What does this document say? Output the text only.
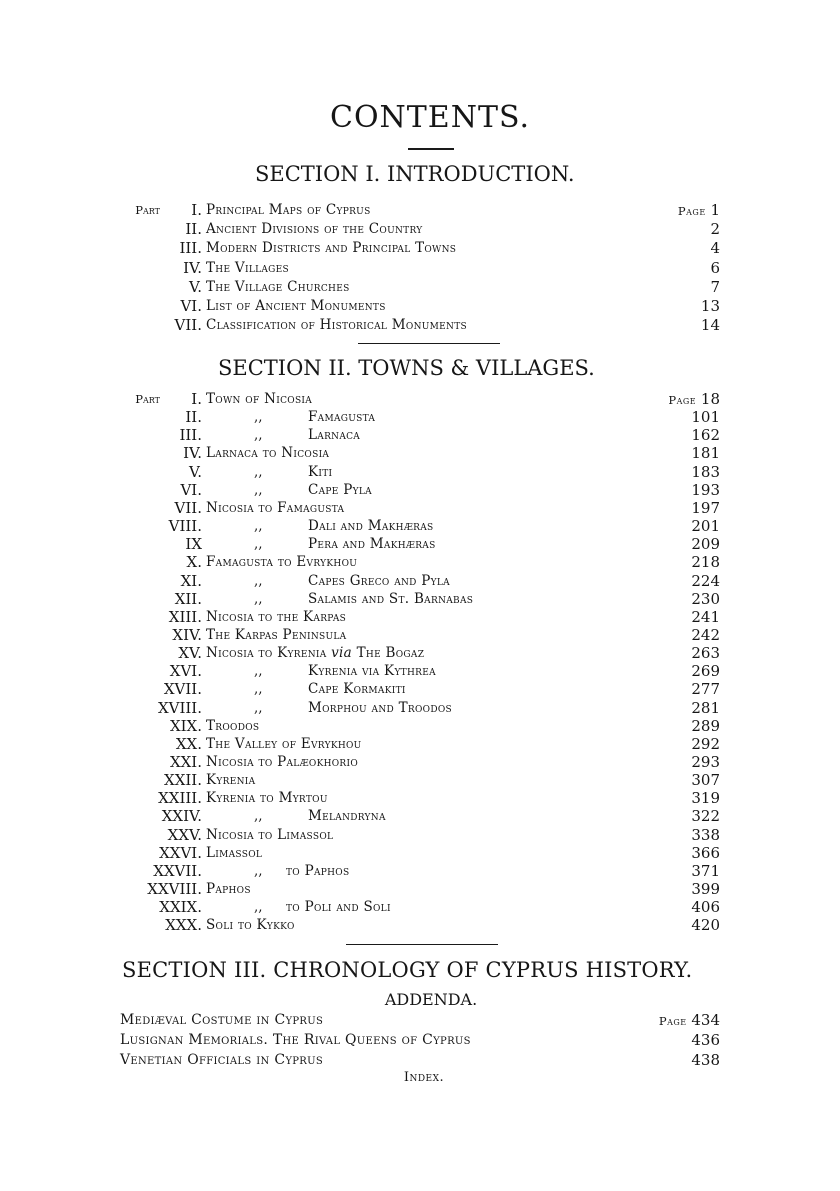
CONTENTS.
SECTION I. INTRODUCTION.
Part I. Principal Maps of Cyprus	Page 1
II. Ancient Divisions of the Country	2
III. Modern Districts and Principal Towns	4
IV. The Villages	6
V. The Village Churches	7
VI. List of Ancient Monuments	13
VII. Classification of Historical Monuments	14
SECTION II. TOWNS & VILLAGES.
Part I. Town of Nicosia	Page 18
II.	,,	Famagusta	101
III.	,,	Larnaca	162
IV. Larnaca to Nicosia	181
V.	,,	Kiti	183
VI.	,,	Cape Pyla	193
VII. Nicosia to Famagusta	197
VIII.	,,	Dali and Makhæras	201
IX	,,	Pera and Makhæras	209
X. Famagusta to Evrykhou	218
XI.	,,	Capes Greco and Pyla	224
XII.	,,	Salamis and St. Barnabas	230
XIII. Nicosia to the Karpas	241
XIV. The Karpas Peninsula	242
XV. Nicosia to Kyrenia via The Bogaz	263
XVI.	,,	Kyrenia via Kythrea	269
XVII.	,,	Cape Kormakiti	277
XVIII.	,,	Morphou and Troodos	281
XIX. Troodos	289
XX. The Valley of Evrykhou	292
XXI. Nicosia to Palæokhorio	293
XXII. Kyrenia	307
XXIII. Kyrenia to Myrtou	319
XXIV.	,,	Melandryna	322
XXV. Nicosia to Limassol	338
XXVI. Limassol	366
XXVII.	,, to Paphos	371
XXVIII. Paphos	399
XXIX.	,, to Poli and Soli	406
XXX. Soli to Kykko	420
SECTION III. CHRONOLOGY OF CYPRUS HISTORY.
ADDENDA.
Mediæval Costume in Cyprus	Page 434
Lusignan Memorials. The Rival Queens of Cyprus	436
Venetian Officials in Cyprus	438
Index.
